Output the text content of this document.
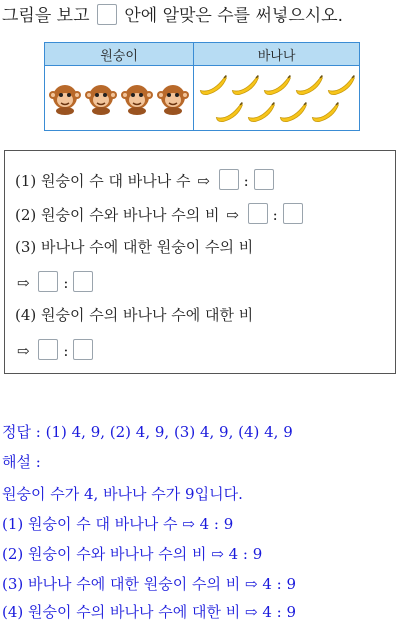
그림을 보고 안에 알맞은 수를 써넣으시오.
원숭이	바나나

(1) 원숭이 수 대 바나나 수 ⇨ :
(2) 원숭이 수와 바나나 수의 비 ⇨ :
(3) 바나나 수에 대한 원숭이 수의 비
⇨ :
(4) 원숭이 수의 바나나 수에 대한 비
⇨ :
정답 : (1) 4, 9, (2) 4, 9, (3) 4, 9, (4) 4, 9
해설 :
원숭이 수가 4, 바나나 수가 9입니다.
(1) 원숭이 수 대 바나나 수 ⇨ 4 : 9
(2) 원숭이 수와 바나나 수의 비 ⇨ 4 : 9
(3) 바나나 수에 대한 원숭이 수의 비 ⇨ 4 : 9
(4) 원숭이 수의 바나나 수에 대한 비 ⇨ 4 : 9
